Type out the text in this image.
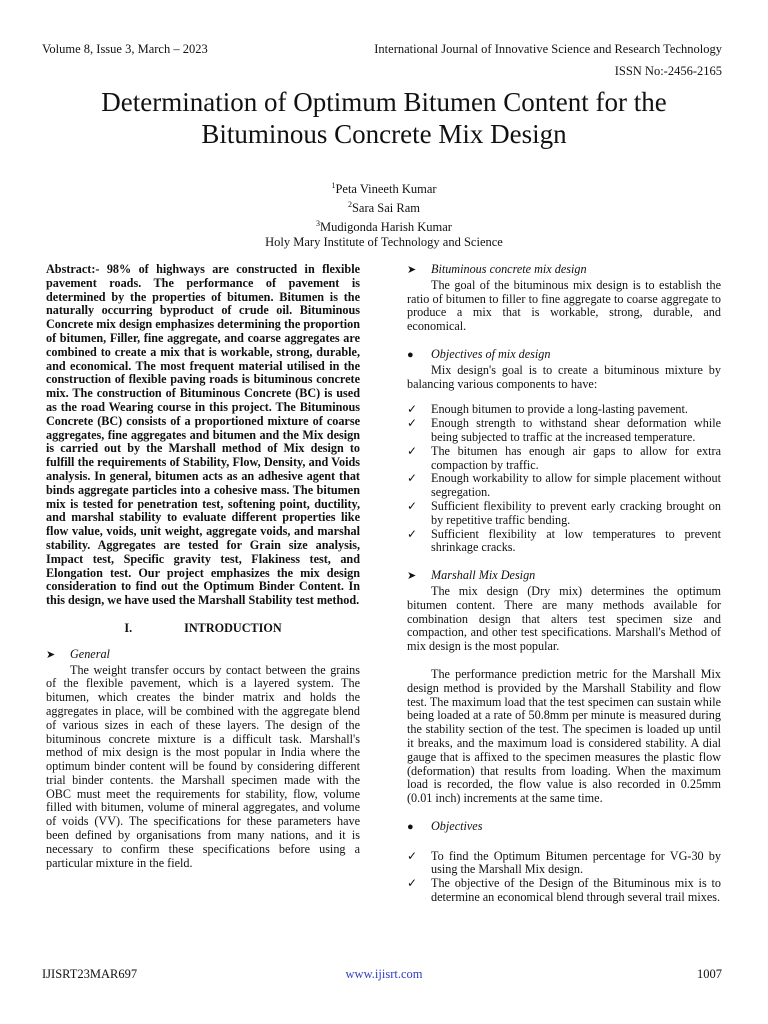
Volume 8, Issue 3, March – 2023	International Journal of Innovative Science and Research Technology
ISSN No:-2456-2165
Determination of Optimum Bitumen Content for the
Bituminous Concrete Mix Design
$^1$Peta Vineeth Kumar
$^2$Sara Sai Ram
$^3$Mudigonda Harish Kumar
Holy Mary Institute of Technology and Science

Abstract:- 98% of highways are constructed in flexible pavement roads. The performance of pavement is determined by the properties of bitumen. Bitumen is the naturally occurring byproduct of crude oil. Bituminous Concrete mix design emphasizes determining the proportion of bitumen, Filler, fine aggregate, and coarse aggregates are combined to create a mix that is workable, strong, durable, and economical. The most frequent material utilised in the construction of flexible paving roads is bituminous concrete mix. The construction of Bituminous Concrete (BC) is used as the road Wearing course in this project. The Bituminous Concrete (BC) consists of a proportioned mixture of coarse aggregates, fine aggregates and bitumen and the Mix design is carried out by the Marshall method of Mix design to fulfill the requirements of Stability, Flow, Density, and Voids analysis. In general, bitumen acts as an adhesive agent that binds aggregate particles into a cohesive mass. The bitumen mix is tested for penetration test, softening point, ductility, and marshal stability to evaluate different properties like flow value, voids, unit weight, aggregate voids, and marshal stability. Aggregates are tested for Grain size analysis, Impact test, Specific gravity test, Flakiness test, and Elongation test. Our project emphasizes the mix design consideration to find out the Optimum Binder Content. In this design, we have used the Marshall Stability test method.

I.	INTRODUCTION
➤	General

The weight transfer occurs by contact between the grains of the flexible pavement, which is a layered system. The bitumen, which creates the binder matrix and holds the aggregates in place, will be combined with the aggregate blend of various sizes in each of these layers. The design of the bituminous concrete mixture is a difficult task. Marshall's method of mix design is the most popular in India where the optimum binder content will be found by considering different trial binder contents. the Marshall specimen made with the OBC must meet the requirements for stability, flow, volume filled with bitumen, volume of mineral aggregates, and volume of voids (VV). The specifications for these parameters have been defined by organisations from many nations, and it is necessary to confirm these specifications before using a particular mixture in the field.

➤	Bituminous concrete mix design

The goal of the bituminous mix design is to establish the ratio of bitumen to filler to fine aggregate to coarse aggregate to produce a mix that is workable, strong, durable, and economical.

●	Objectives of mix design

Mix design's goal is to create a bituminous mixture by balancing various components to have:

✓	Enough bitumen to provide a long-lasting pavement.
✓	Enough strength to withstand shear deformation while being subjected to traffic at the increased temperature.
✓	The bitumen has enough air gaps to allow for extra compaction by traffic.
✓	Enough workability to allow for simple placement without segregation.
✓	Sufficient flexibility to prevent early cracking brought on by repetitive traffic bending.
✓	Sufficient flexibility at low temperatures to prevent shrinkage cracks.
➤	Marshall Mix Design

The mix design (Dry mix) determines the optimum bitumen content. There are many methods available for combination design that alters test specimen size and compaction, and other test specifications. Marshall's Method of mix design is the most popular.

The performance prediction metric for the Marshall Mix design method is provided by the Marshall Stability and flow test. The maximum load that the test specimen can sustain while being loaded at a rate of 50.8mm per minute is measured during the stability section of the test. The specimen is loaded up until it breaks, and the maximum load is considered stability. A dial gauge that is affixed to the specimen measures the plastic flow (deformation) that results from loading. When the maximum load is recorded, the flow value is also recorded in 0.25mm (0.01 inch) increments at the same time.

●	Objectives
✓	To find the Optimum Bitumen percentage for VG-30 by using the Marshall Mix design.
✓	The objective of the Design of the Bituminous mix is to determine an economical blend through several trail mixes.
IJISRT23MAR697	www.ijisrt.com	1007
